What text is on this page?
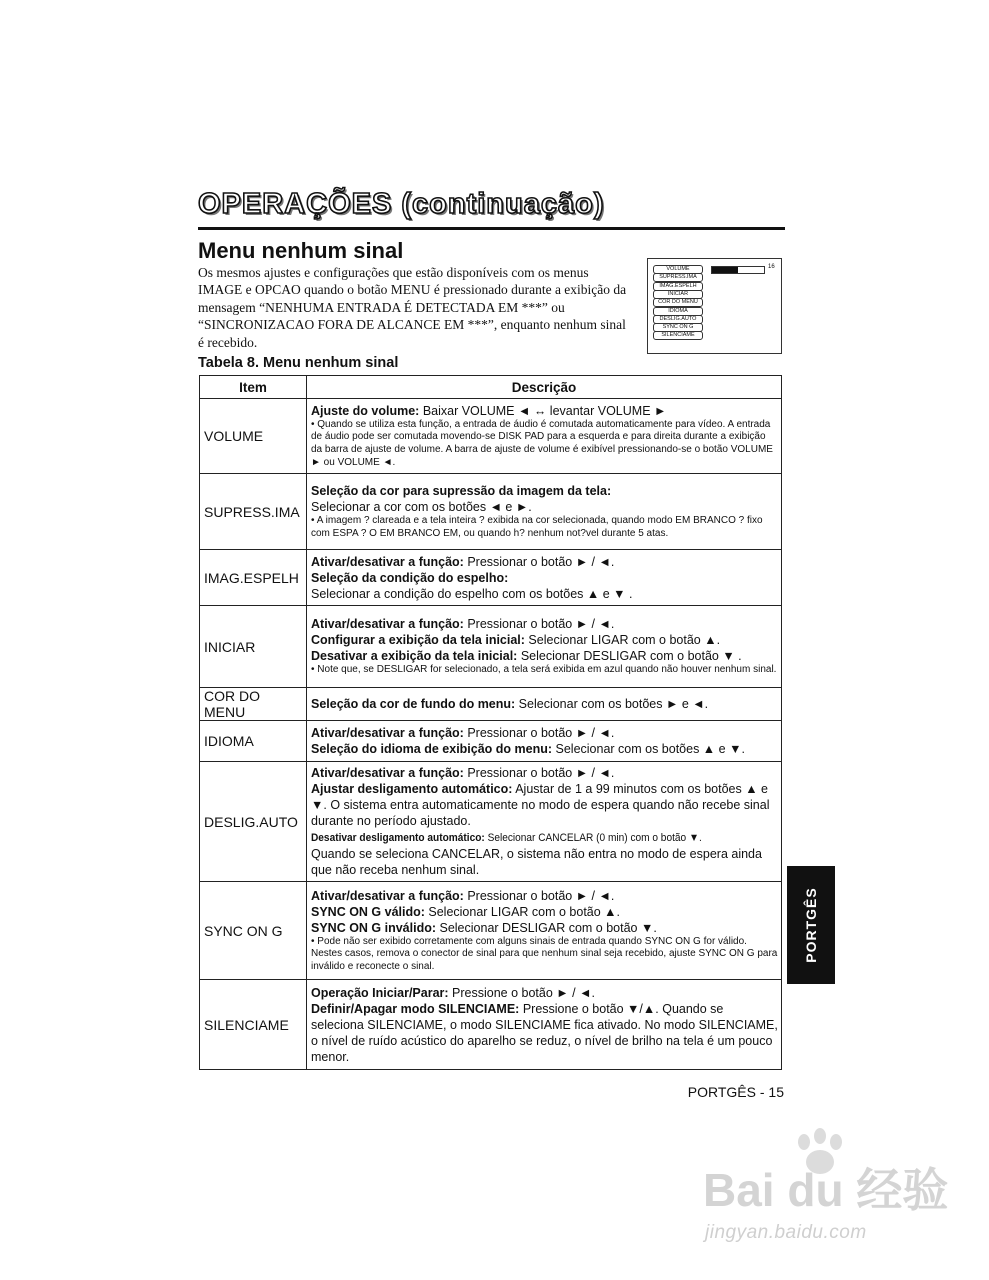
OPERAÇÕES (continuação)
Menu nenhum sinal

Os mesmos ajustes e configurações que estão disponíveis com os menus IMAGE e OPCAO quando o botão MENU é pressionado durante a exibição da mensagem “NENHUMA ENTRADA É DETECTADA EM ***” ou “SINCRONIZACAO FORA DE ALCANCE EM ***”, enquanto nenhum sinal é recebido.

16
VOLUME
SUPRESS.IMA
IMAG.ESPELH
INICIAR
COR DO MENU
IDIOMA
DESLIG.AUTO
SYNC ON G
SILENCIAME
Tabela 8. Menu nenhum sinal
Item	Descrição
VOLUME	Ajuste do volume: Baixar VOLUME ◄ ↔ levantar VOLUME ►
• Quando se utiliza esta função, a entrada de áudio é comutada automaticamente para vídeo. A entrada de áudio pode ser comutada movendo-se DISK PAD para a esquerda e para direita durante a exibição da barra de ajuste de volume. A barra de ajuste de volume é exibível pressionando-se o botão VOLUME ► ou VOLUME ◄.

SUPRESS.IMA	Seleção da cor para supressão da imagem da tela:
Selecionar a cor com os botões ◄ e ►.
• A imagem ? clareada e a tela inteira ? exibida na cor selecionada, quando modo EM BRANCO ? fixo com ESPA ? O EM BRANCO EM, ou quando h? nenhum not?vel durante 5 atas.

IMAG.ESPELH	Ativar/desativar a função: Pressionar o botão ► / ◄.
Seleção da condição do espelho:
Selecionar a condição do espelho com os botões ▲ e ▼ .

INICIAR	Ativar/desativar a função: Pressionar o botão ► / ◄.
Configurar a exibição da tela inicial: Selecionar LIGAR com o botão ▲.
Desativar a exibição da tela inicial: Selecionar DESLIGAR com o botão ▼ .
• Note que, se DESLIGAR for selecionado, a tela será exibida em azul quando não houver nenhum sinal.

COR DO MENU	Seleção da cor de fundo do menu: Selecionar com os botões ► e ◄.

IDIOMA	Ativar/desativar a função: Pressionar o botão ► / ◄.
Seleção do idioma de exibição do menu: Selecionar com os botões ▲ e ▼.

DESLIG.AUTO	Ativar/desativar a função: Pressionar o botão ► / ◄.
Ajustar desligamento automático: Ajustar de 1 a 99 minutos com os botões ▲ e ▼. O sistema entra automaticamente no modo de espera quando não recebe sinal durante no período ajustado.
Desativar desligamento automático: Selecionar CANCELAR (0 min) com o botão ▼.
Quando se seleciona CANCELAR, o sistema não entra no modo de espera ainda que não receba nenhum sinal.

SYNC ON G	Ativar/desativar a função: Pressionar o botão ► / ◄.
SYNC ON G válido: Selecionar LIGAR com o botão ▲.
SYNC ON G inválido: Selecionar DESLIGAR com o botão ▼.
• Pode não ser exibido corretamente com alguns sinais de entrada quando SYNC ON G for válido. Nestes casos, remova o conector de sinal para que nenhum sinal seja recebido, ajuste SYNC ON G para inválido e reconecte o sinal.

SILENCIAME	Operação Iniciar/Parar: Pressione o botão ► / ◄.
Definir/Apagar modo SILENCIAME: Pressione o botão ▼/▲. Quando se seleciona SILENCIAME, o modo SILENCIAME fica ativado. No modo SILENCIAME, o nível de ruído acústico do aparelho se reduz, o nível de brilho na tela é um pouco menor.
PORTGÊS
PORTGÊS - 15
Bai du 经验
jingyan.baidu.com
